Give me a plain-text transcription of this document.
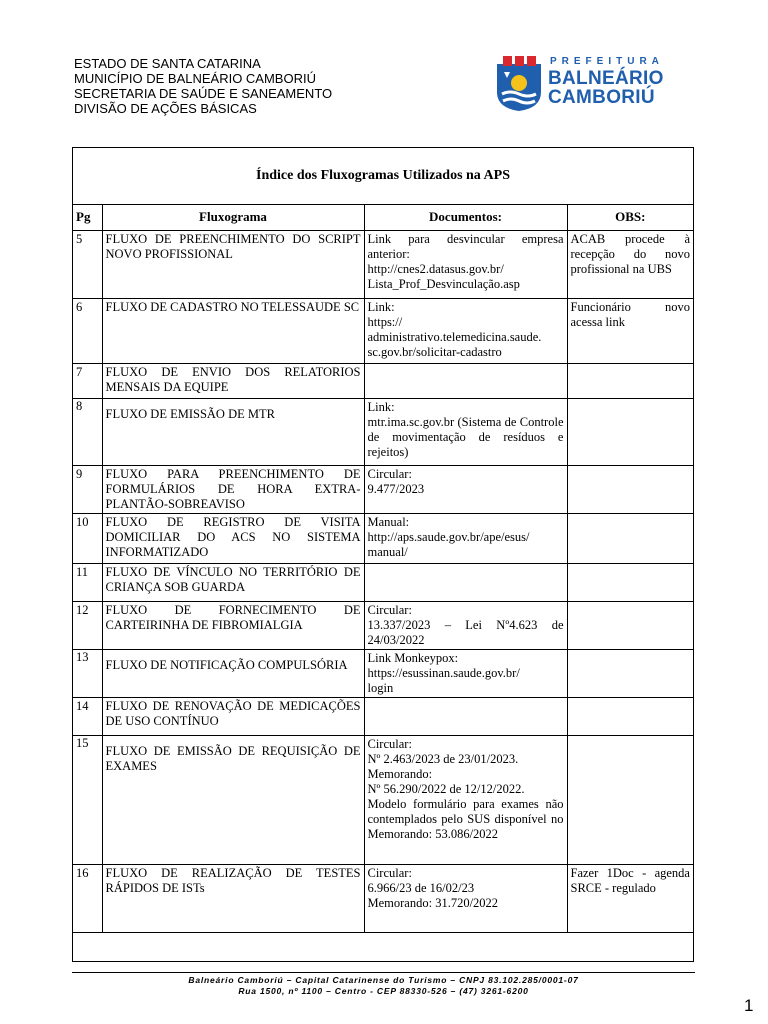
ESTADO DE SANTA CATARINA
MUNICÍPIO DE BALNEÁRIO CAMBORIÚ
SECRETARIA DE SAÚDE E SANEAMENTO
DIVISÃO DE AÇÕES BÁSICAS
PREFEITURA
BALNEÁRIO
CAMBORIÚ
Índice dos Fluxogramas Utilizados na APS
Pg	Fluxograma	Documentos:	OBS:
5	FLUXO DE PREENCHIMENTO DO SCRIPT NOVO PROFISSIONAL	Link para desvincular empresa anterior:
http://cnes2.datasus.gov.br/
Lista_Prof_Desvinculação.asp	ACAB procede à recepção do novo profissional na UBS
6	FLUXO DE CADASTRO NO TELESSAUDE SC	Link:
https://
administrativo.telemedicina.saude.
sc.gov.br/solicitar-cadastro	Funcionário novo acessa link
7	FLUXO DE ENVIO DOS RELATORIOS MENSAIS DA EQUIPE		
8	FLUXO DE EMISSÃO DE MTR	Link:
mtr.ima.sc.gov.br (Sistema de Controle de movimentação de resíduos e rejeitos)	
9	FLUXO PARA PREENCHIMENTO DE FORMULÁRIOS DE HORA EXTRA-PLANTÃO-SOBREAVISO	Circular:
9.477/2023	
10	FLUXO DE REGISTRO DE VISITA DOMICILIAR DO ACS NO SISTEMA INFORMATIZADO	Manual:
http://aps.saude.gov.br/ape/esus/
manual/	
11	FLUXO DE VÍNCULO NO TERRITÓRIO DE CRIANÇA SOB GUARDA		
12	FLUXO DE FORNECIMENTO DE CARTEIRINHA DE FIBROMIALGIA	Circular:
13.337/2023 – Lei Nº4.623 de 24/03/2022	
13	FLUXO DE NOTIFICAÇÃO COMPULSÓRIA	Link Monkeypox:
https://esussinan.saude.gov.br/
login	
14	FLUXO DE RENOVAÇÃO DE MEDICAÇÕES DE USO CONTÍNUO		
15	FLUXO DE EMISSÃO DE REQUISIÇÃO DE EXAMES	Circular:
Nº 2.463/2023 de 23/01/2023.
Memorando:
Nº 56.290/2022 de 12/12/2022.
Modelo formulário para exames não contemplados pelo SUS disponível no Memorando: 53.086/2022	
16	FLUXO DE REALIZAÇÃO DE TESTES RÁPIDOS DE ISTs	Circular:
6.966/23 de 16/02/23
Memorando: 31.720/2022	Fazer 1Doc - agenda SRCE - regulado
Balneário Camboriú – Capital Catarinense do Turismo – CNPJ 83.102.285/0001-07
Rua 1500, nº 1100 – Centro - CEP 88330-526 – (47) 3261-6200
1
